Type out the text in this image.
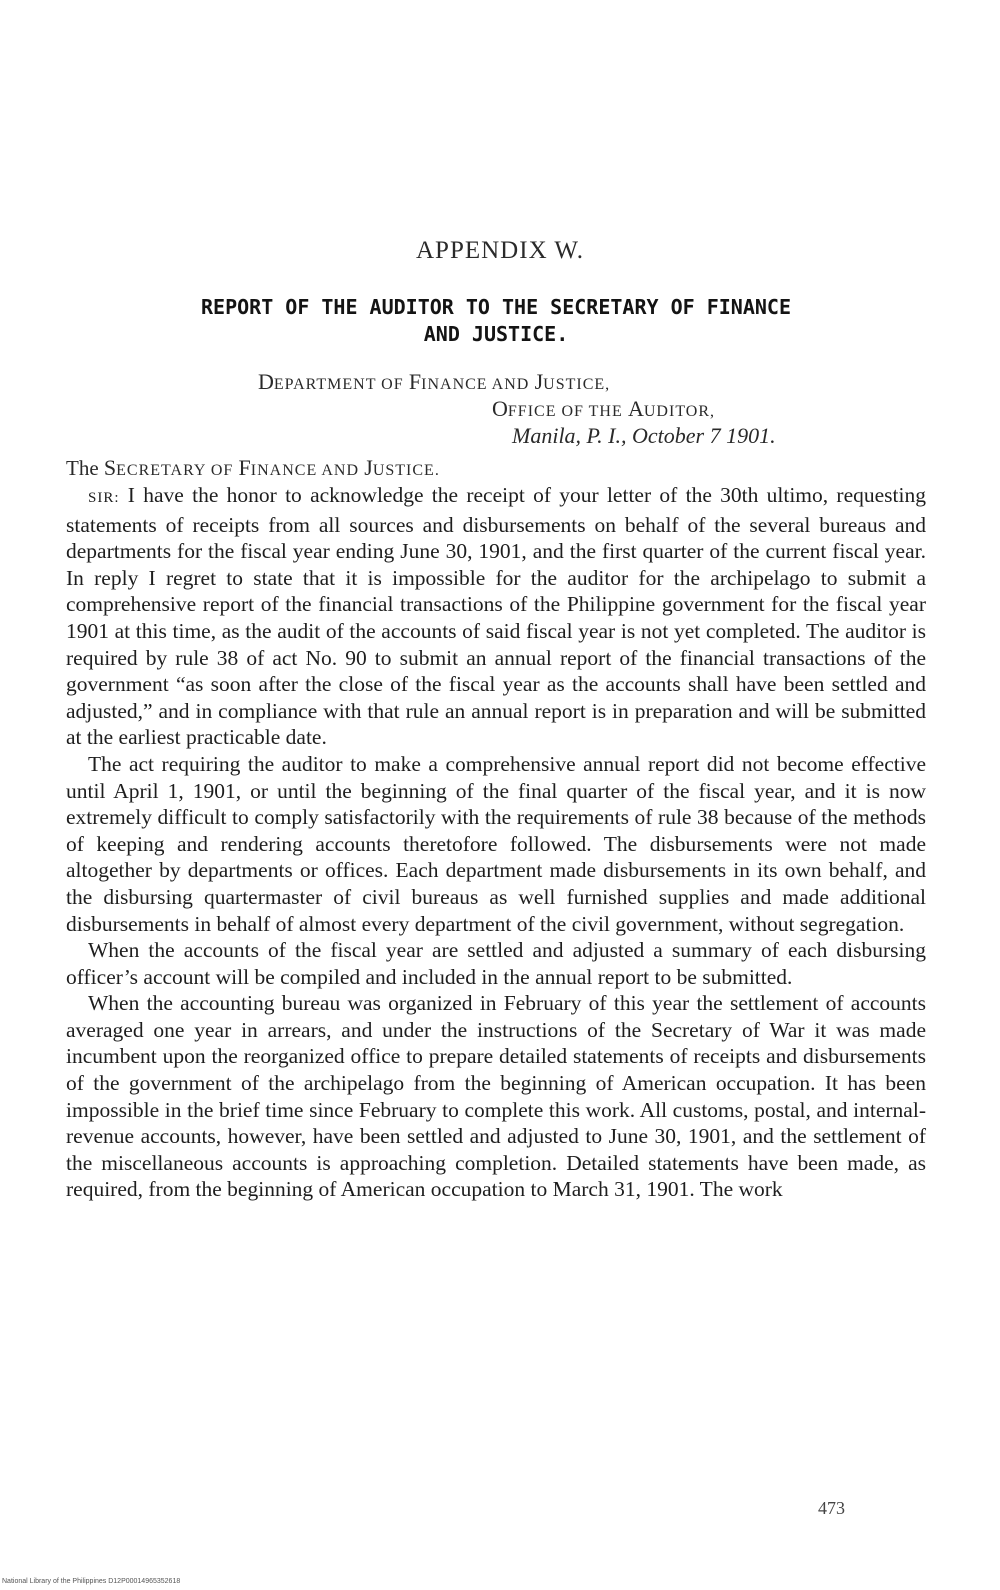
APPENDIX W.
REPORT OF THE AUDITOR TO THE SECRETARY OF FINANCE
AND JUSTICE.
DEPARTMENT OF FINANCE AND JUSTICE,
OFFICE OF THE AUDITOR,
Manila, P. I., October 7 1901.
The SECRETARY OF FINANCE AND JUSTICE.

SIR: I have the honor to acknowledge the receipt of your letter of the 30th ultimo, requesting statements of receipts from all sources and disbursements on behalf of the several bureaus and departments for the fiscal year ending June 30, 1901, and the first quarter of the current fiscal year. In reply I regret to state that it is impossible for the auditor for the archipelago to submit a comprehensive report of the financial transactions of the Philippine government for the fiscal year 1901 at this time, as the audit of the accounts of said fiscal year is not yet completed. The auditor is required by rule 38 of act No. 90 to submit an annual report of the financial transactions of the government “as soon after the close of the fiscal year as the accounts shall have been settled and adjusted,” and in compliance with that rule an annual report is in preparation and will be submitted at the earliest practicable date.

The act requiring the auditor to make a comprehensive annual report did not become effective until April 1, 1901, or until the beginning of the final quarter of the fiscal year, and it is now extremely difficult to comply satisfactorily with the requirements of rule 38 because of the methods of keeping and rendering accounts theretofore followed. The disbursements were not made altogether by departments or offices. Each department made disbursements in its own behalf, and the disbursing quartermaster of civil bureaus as well furnished supplies and made additional disbursements in behalf of almost every department of the civil government, without segregation.

When the accounts of the fiscal year are settled and adjusted a summary of each disbursing officer’s account will be compiled and included in the annual report to be submitted.

When the accounting bureau was organized in February of this year the settlement of accounts averaged one year in arrears, and under the instructions of the Secretary of War it was made incumbent upon the reorganized office to prepare detailed statements of receipts and disbursements of the government of the archipelago from the beginning of American occupation. It has been impossible in the brief time since February to complete this work. All customs, postal, and internal-revenue accounts, however, have been settled and adjusted to June 30, 1901, and the settlement of the miscellaneous accounts is approaching completion. Detailed statements have been made, as required, from the beginning of American occupation to March 31, 1901. The work

473
National Library of the Philippines D12P00014965352618
